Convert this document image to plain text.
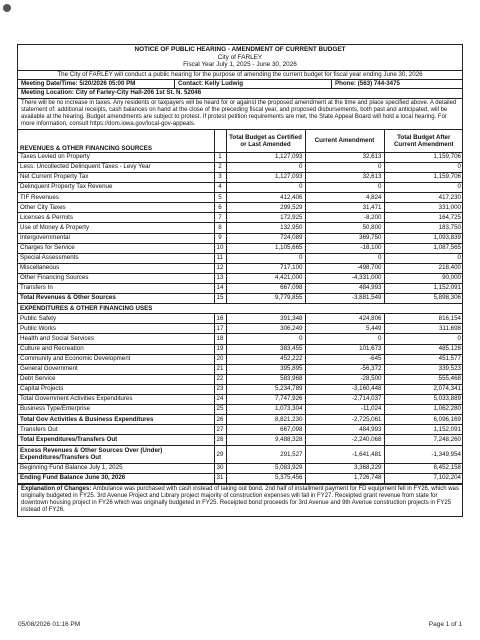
NOTICE OF PUBLIC HEARING - AMENDMENT OF CURRENT BUDGET
City of FARLEY
Fiscal Year July 1, 2025 - June 30, 2026
The City of FARLEY will conduct a public hearing for the purpose of amending the current budget for fiscal year ending June 30, 2026
Meeting Date/Time: 5/20/2026 05:00 PM	Contact: Kelly Ludwig	Phone: (563) 744-3475
Meeting Location: City of Farley-City Hall-206 1st St. N. 52046
There will be no increase in taxes. Any residents or taxpayers will be heard for or against the proposed amendment at the time and place specified above. A detailed statement of: additional receipts, cash balances on hand at the close of the preceding fiscal year, and proposed disbursements, both past and anticipated, will be available at the hearing. Budget amendments are subject to protest. If protest petition requirements are met, the State Appeal Board will hold a local hearing. For more information, consult https://dom.iowa.gov/local-gov-appeals.
REVENUES & OTHER FINANCING SOURCES		Total Budget as Certified or Last Amended	Current Amendment	Total Budget After Current Amendment
Taxes Levied on Property	1	1,127,093	32,613	1,159,706
Less: Uncollected Delinquent Taxes - Levy Year	2	0	0	0
Net Current Property Tax	3	1,127,093	32,613	1,159,706
Delinquent Property Tax Revenue	4	0	0	0
TIF Revenues	5	412,406	4,824	417,230
Other City Taxes	6	299,529	31,471	331,000
Licenses & Permits	7	172,925	-8,200	164,725
Use of Money & Property	8	132,950	50,800	183,750
Intergovernmental	9	724,089	369,750	1,093,839
Charges for Service	10	1,105,665	-18,100	1,087,565
Special Assessments	11	0	0	0
Miscellaneous	12	717,100	-498,700	218,400
Other Financing Sources	13	4,421,000	-4,331,000	90,000
Transfers In	14	667,098	484,993	1,152,091
Total Revenues & Other Sources	15	9,779,855	-3,881,549	5,898,306
EXPENDITURES & OTHER FINANCING USES				
Public Safety	16	391,348	424,806	816,154
Public Works	17	306,249	5,449	311,698
Health and Social Services	18	0	0	0
Culture and Recreation	19	383,455	101,673	485,128
Community and Economic Development	20	452,222	-645	451,577
General Government	21	395,895	-56,372	339,523
Debt Service	22	583,968	-28,500	555,468
Capital Projects	23	5,234,789	-3,160,448	2,074,341
Total Government Activities Expenditures	24	7,747,926	-2,714,037	5,033,889
Business Type/Enterprise	25	1,073,304	-11,024	1,062,280
Total Gov Activities & Business Expenditures	26	8,821,230	-2,725,061	6,096,169
Transfers Out	27	667,098	484,993	1,152,091
Total Expenditures/Transfers Out	28	9,488,328	-2,240,068	7,248,260
Excess Revenues & Other Sources Over (Under) Expenditures/Transfers Out	29	291,527	-1,641,481	-1,349,954
Beginning Fund Balance July 1, 2025	30	5,083,929	3,368,229	8,452,158
Ending Fund Balance June 30, 2026	31	5,375,456	1,726,748	7,102,204
Explanation of Changes: Ambulance was purchased with cash instead of taking out bond. 2nd half of installment payment for FD equipment fell in FY26, which was originally budgeted in FY25. 3rd Avenue Project and Library project majority of construction expenses will fall in FY27. Receipted grant revenue from state for downtown housing project in FY26 which was originally budgeted in FY25. Receipted bond proceeds for 3rd Avenue and 9th Avenue construction projects in FY25 instead of FY26.
05/08/2026 01:16 PM	Page 1 of 1
